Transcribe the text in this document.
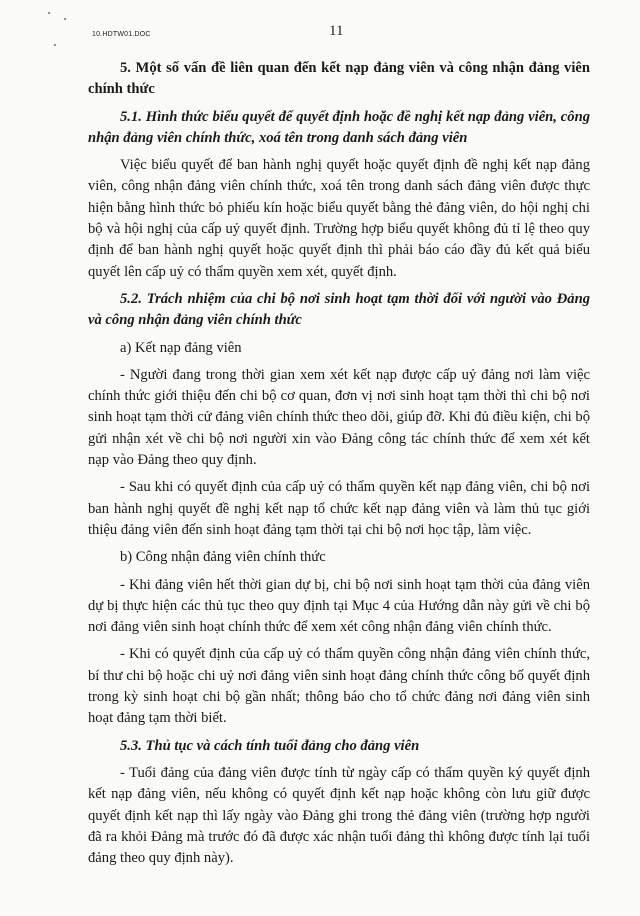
10.HDTW01.DOC	11

5. Một số vấn đề liên quan đến kết nạp đảng viên và công nhận đảng viên chính thức

5.1. Hình thức biểu quyết để quyết định hoặc đề nghị kết nạp đảng viên, công nhận đảng viên chính thức, xoá tên trong danh sách đảng viên

Việc biểu quyết để ban hành nghị quyết hoặc quyết định đề nghị kết nạp đảng viên, công nhận đảng viên chính thức, xoá tên trong danh sách đảng viên được thực hiện bằng hình thức bỏ phiếu kín hoặc biểu quyết bằng thẻ đảng viên, do hội nghị chi bộ và hội nghị của cấp uỷ quyết định. Trường hợp biểu quyết không đủ tỉ lệ theo quy định để ban hành nghị quyết hoặc quyết định thì phải báo cáo đầy đủ kết quả biểu quyết lên cấp uỷ có thẩm quyền xem xét, quyết định.

5.2. Trách nhiệm của chi bộ nơi sinh hoạt tạm thời đối với người vào Đảng và công nhận đảng viên chính thức

a) Kết nạp đảng viên

- Người đang trong thời gian xem xét kết nạp được cấp uỷ đảng nơi làm việc chính thức giới thiệu đến chi bộ cơ quan, đơn vị nơi sinh hoạt tạm thời thì chi bộ nơi sinh hoạt tạm thời cử đảng viên chính thức theo dõi, giúp đỡ. Khi đủ điều kiện, chi bộ gửi nhận xét về chi bộ nơi người xin vào Đảng công tác chính thức để xem xét kết nạp vào Đảng theo quy định.

- Sau khi có quyết định của cấp uỷ có thẩm quyền kết nạp đảng viên, chi bộ nơi ban hành nghị quyết đề nghị kết nạp tổ chức kết nạp đảng viên và làm thủ tục giới thiệu đảng viên đến sinh hoạt đảng tạm thời tại chi bộ nơi học tập, làm việc.

b) Công nhận đảng viên chính thức

- Khi đảng viên hết thời gian dự bị, chi bộ nơi sinh hoạt tạm thời của đảng viên dự bị thực hiện các thủ tục theo quy định tại Mục 4 của Hướng dẫn này gửi về chi bộ nơi đảng viên sinh hoạt chính thức để xem xét công nhận đảng viên chính thức.

- Khi có quyết định của cấp uỷ có thẩm quyền công nhận đảng viên chính thức, bí thư chi bộ hoặc chi uỷ nơi đảng viên sinh hoạt đảng chính thức công bố quyết định trong kỳ sinh hoạt chi bộ gần nhất; thông báo cho tổ chức đảng nơi đảng viên sinh hoạt đảng tạm thời biết.

5.3. Thủ tục và cách tính tuổi đảng cho đảng viên

- Tuổi đảng của đảng viên được tính từ ngày cấp có thẩm quyền ký quyết định kết nạp đảng viên, nếu không có quyết định kết nạp hoặc không còn lưu giữ được quyết định kết nạp thì lấy ngày vào Đảng ghi trong thẻ đảng viên (trường hợp người đã ra khỏi Đảng mà trước đó đã được xác nhận tuổi đảng thì không được tính lại tuổi đảng theo quy định này).
